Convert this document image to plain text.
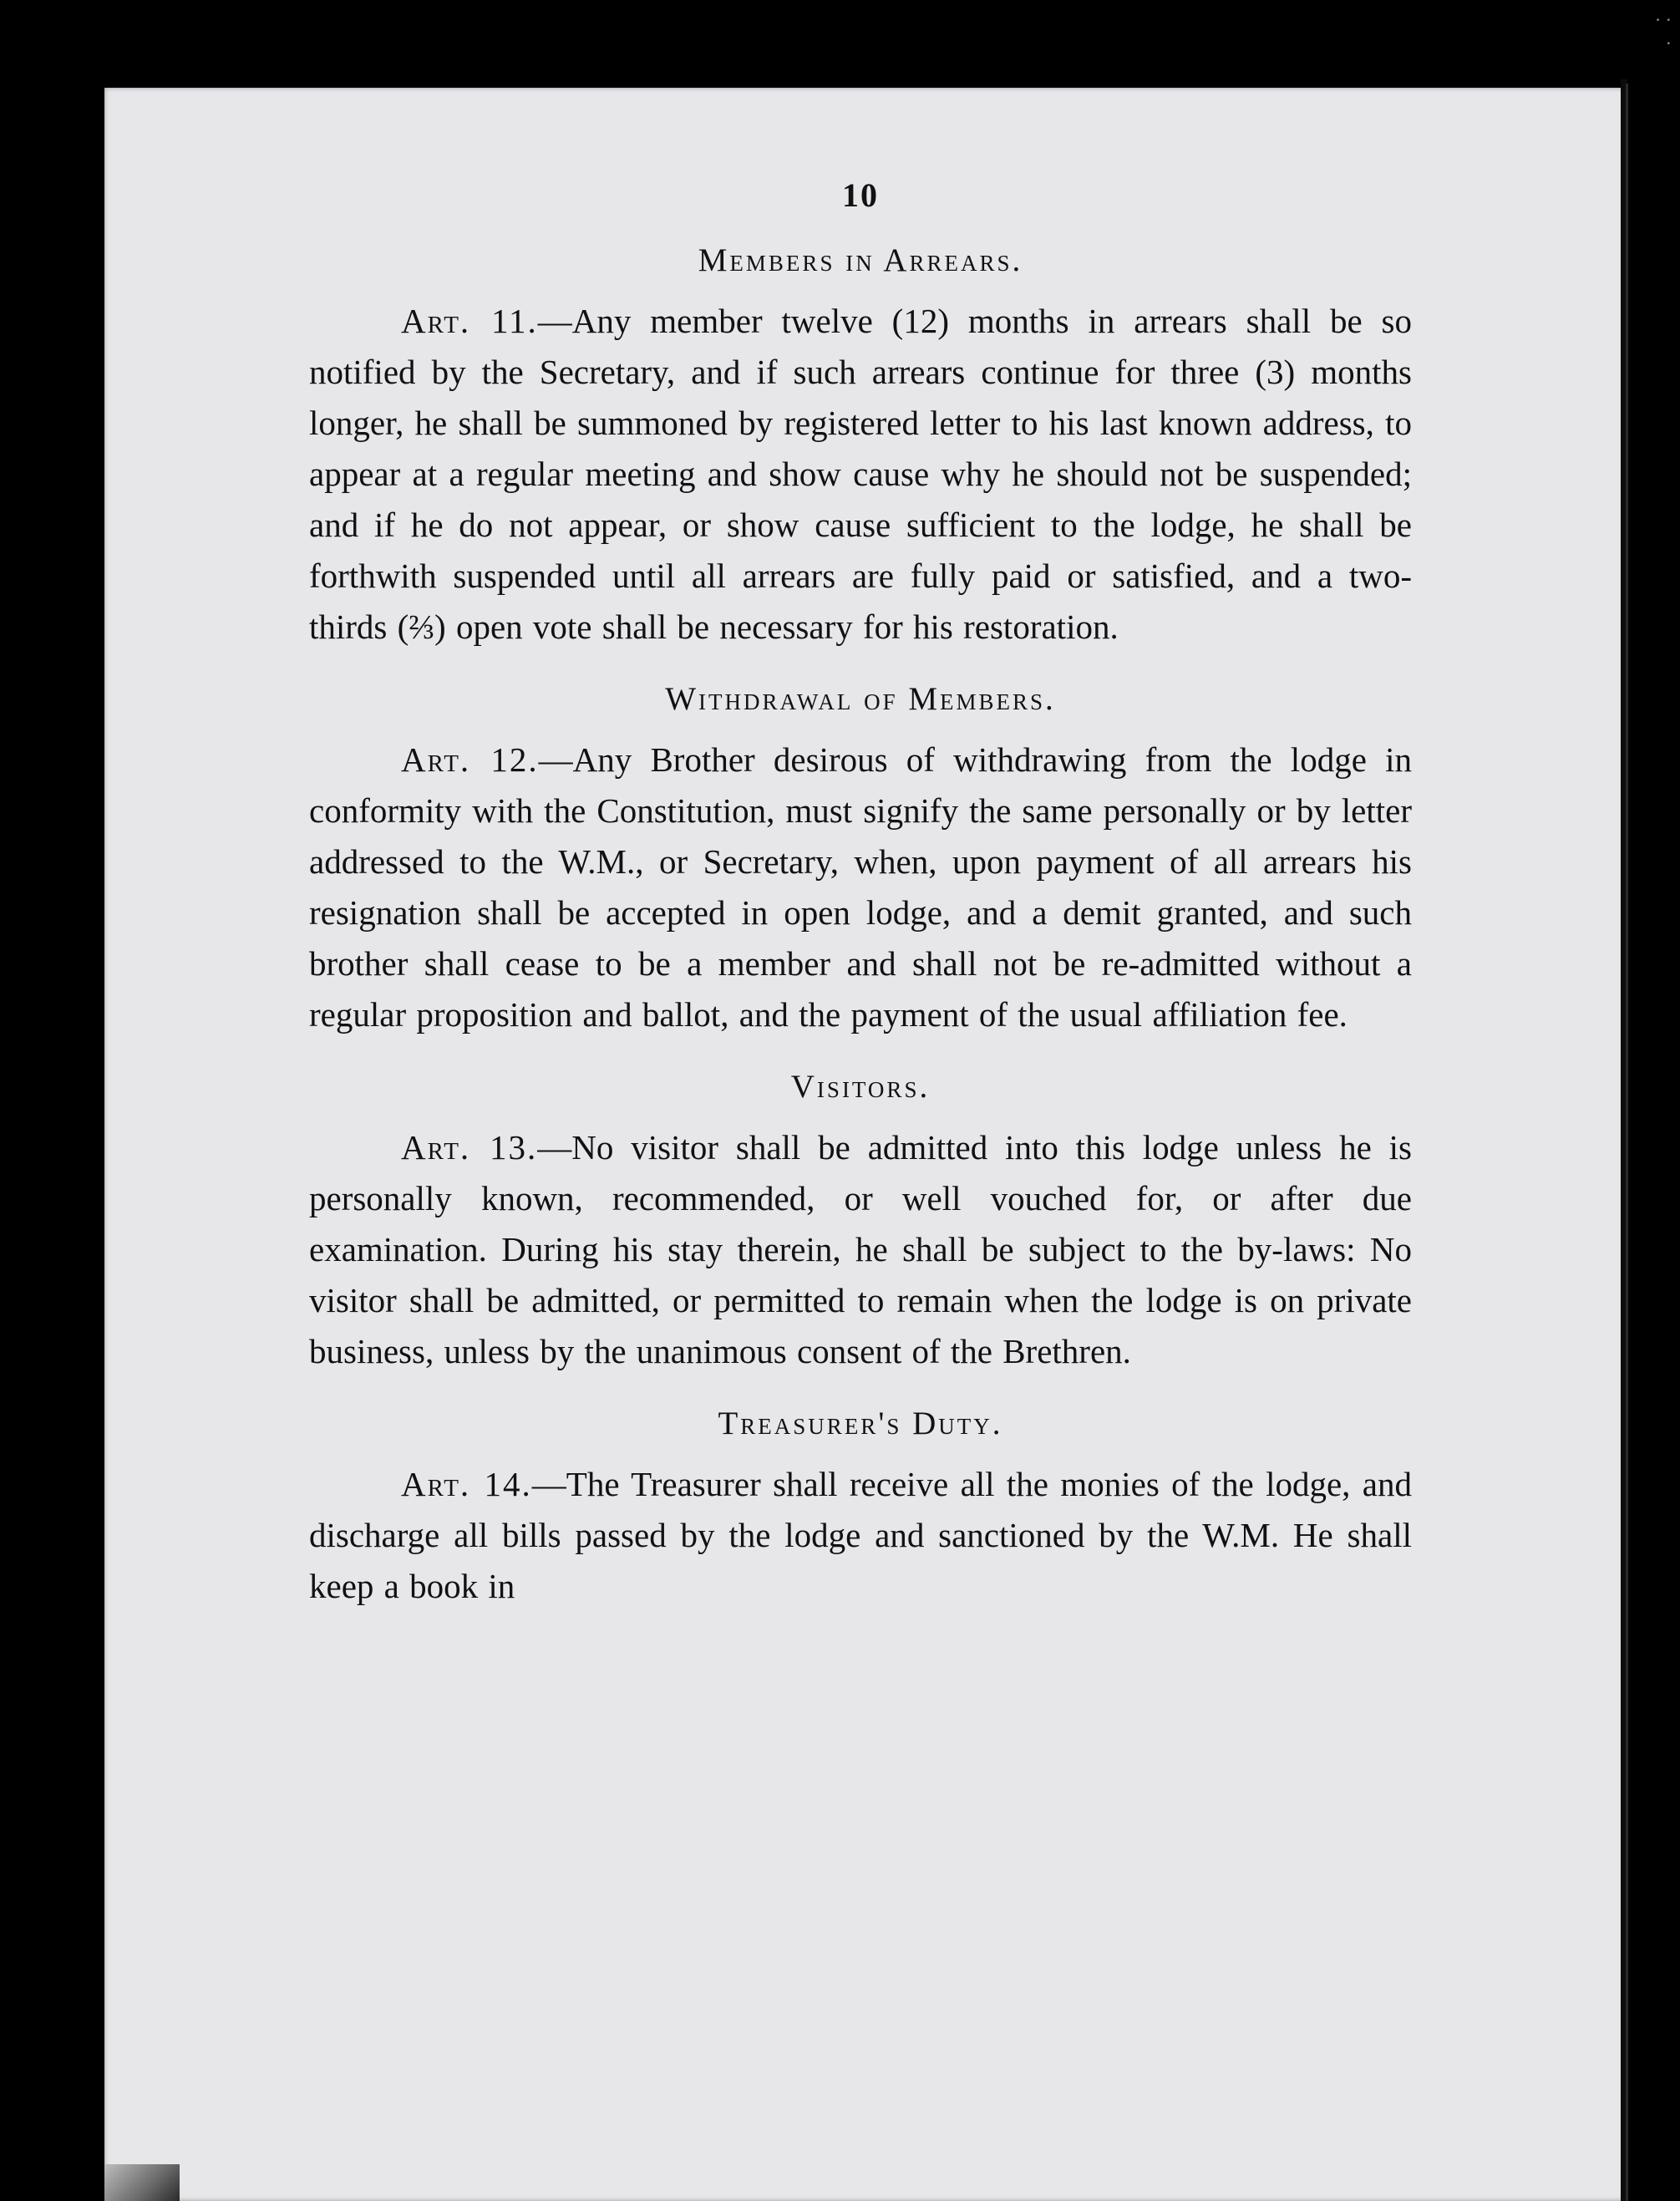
· ·
·
10
Members in Arrears.

Art. 11.—Any member twelve (12) months in arrears shall be so notified by the Secretary, and if such arrears continue for three (3) months longer, he shall be summoned by registered letter to his last known address, to appear at a regular meeting and show cause why he should not be suspended; and if he do not appear, or show cause sufficient to the lodge, he shall be forthwith suspended until all arrears are fully paid or satisfied, and a two-thirds (⅔) open vote shall be necessary for his restoration.

Withdrawal of Members.

Art. 12.—Any Brother desirous of withdrawing from the lodge in conformity with the Constitution, must signify the same personally or by letter addressed to the W.M., or Secretary, when, upon payment of all arrears his resignation shall be accepted in open lodge, and a demit granted, and such brother shall cease to be a member and shall not be re-admitted without a regular proposition and ballot, and the payment of the usual affiliation fee.

Visitors.

Art. 13.—No visitor shall be admitted into this lodge unless he is personally known, recommended, or well vouched for, or after due examination. During his stay therein, he shall be subject to the by-laws: No visitor shall be admitted, or permitted to remain when the lodge is on private business, unless by the unanimous consent of the Brethren.

Treasurer's Duty.

Art. 14.—The Treasurer shall receive all the monies of the lodge, and discharge all bills passed by the lodge and sanctioned by the W.M. He shall keep a book in
